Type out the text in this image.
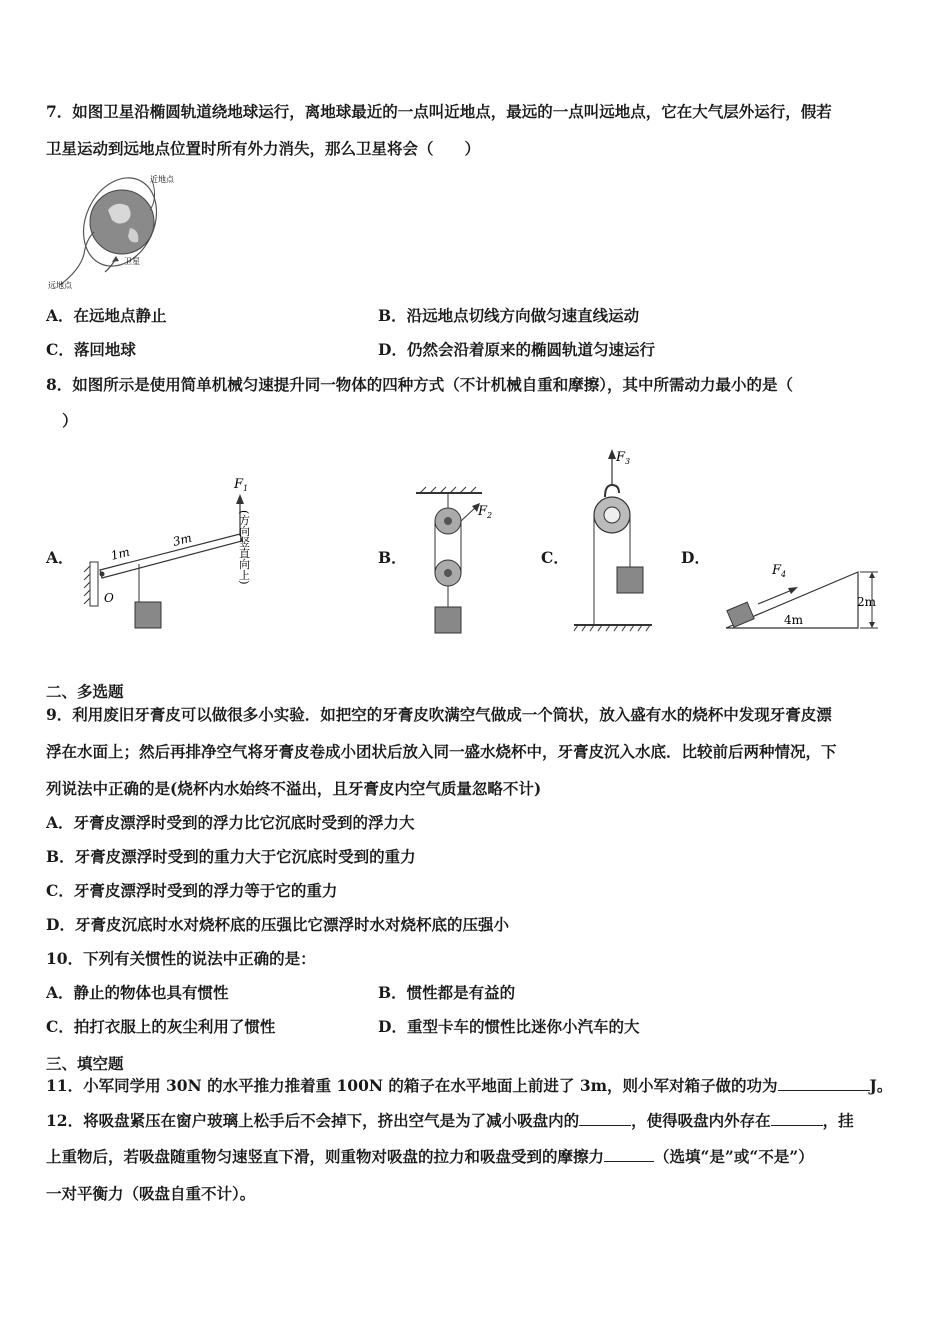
7．如图卫星沿椭圆轨道绕地球运行，离地球最近的一点叫近地点，最远的一点叫远地点，它在大气层外运行，假若
卫星运动到远地点位置时所有外力消失，那么卫星将会（　　）
近地点
卫星
远地点
A．在远地点静止	B．沿远地点切线方向做匀速直线运动
C．落回地球	D．仍然会沿着原来的椭圆轨道匀速运行
8．如图所示是使用简单机械匀速提升同一物体的四种方式（不计机械自重和摩擦），其中所需动力最小的是（
）
A．	B．	C．	D．
$F_1$
1m
3m
O
(方向竖直向上)	$F_2$
$F_3$
$F_4$
4m
2m
二、多选题
9．利用废旧牙膏皮可以做很多小实验．如把空的牙膏皮吹满空气做成一个筒状，放入盛有水的烧杯中发现牙膏皮漂
浮在水面上；然后再排净空气将牙膏皮卷成小团状后放入同一盛水烧杯中，牙膏皮沉入水底．比较前后两种情况，下
列说法中正确的是(烧杯内水始终不溢出，且牙膏皮内空气质量忽略不计)
A．牙膏皮漂浮时受到的浮力比它沉底时受到的浮力大
B．牙膏皮漂浮时受到的重力大于它沉底时受到的重力
C．牙膏皮漂浮时受到的浮力等于它的重力
D．牙膏皮沉底时水对烧杯底的压强比它漂浮时水对烧杯底的压强小
10．下列有关惯性的说法中正确的是：
A．静止的物体也具有惯性	B．惯性都是有益的
C．拍打衣服上的灰尘利用了惯性	D．重型卡车的惯性比迷你小汽车的大
三、填空题
11．小军同学用 30N 的水平推力推着重 100N 的箱子在水平地面上前进了 3m，则小军对箱子做的功为	J。
12．将吸盘紧压在窗户玻璃上松手后不会掉下，挤出空气是为了减小吸盘内的	，使得吸盘内外存在	，挂
上重物后，若吸盘随重物匀速竖直下滑，则重物对吸盘的拉力和吸盘受到的摩擦力	（选填“是”或“不是”）
一对平衡力（吸盘自重不计）。
